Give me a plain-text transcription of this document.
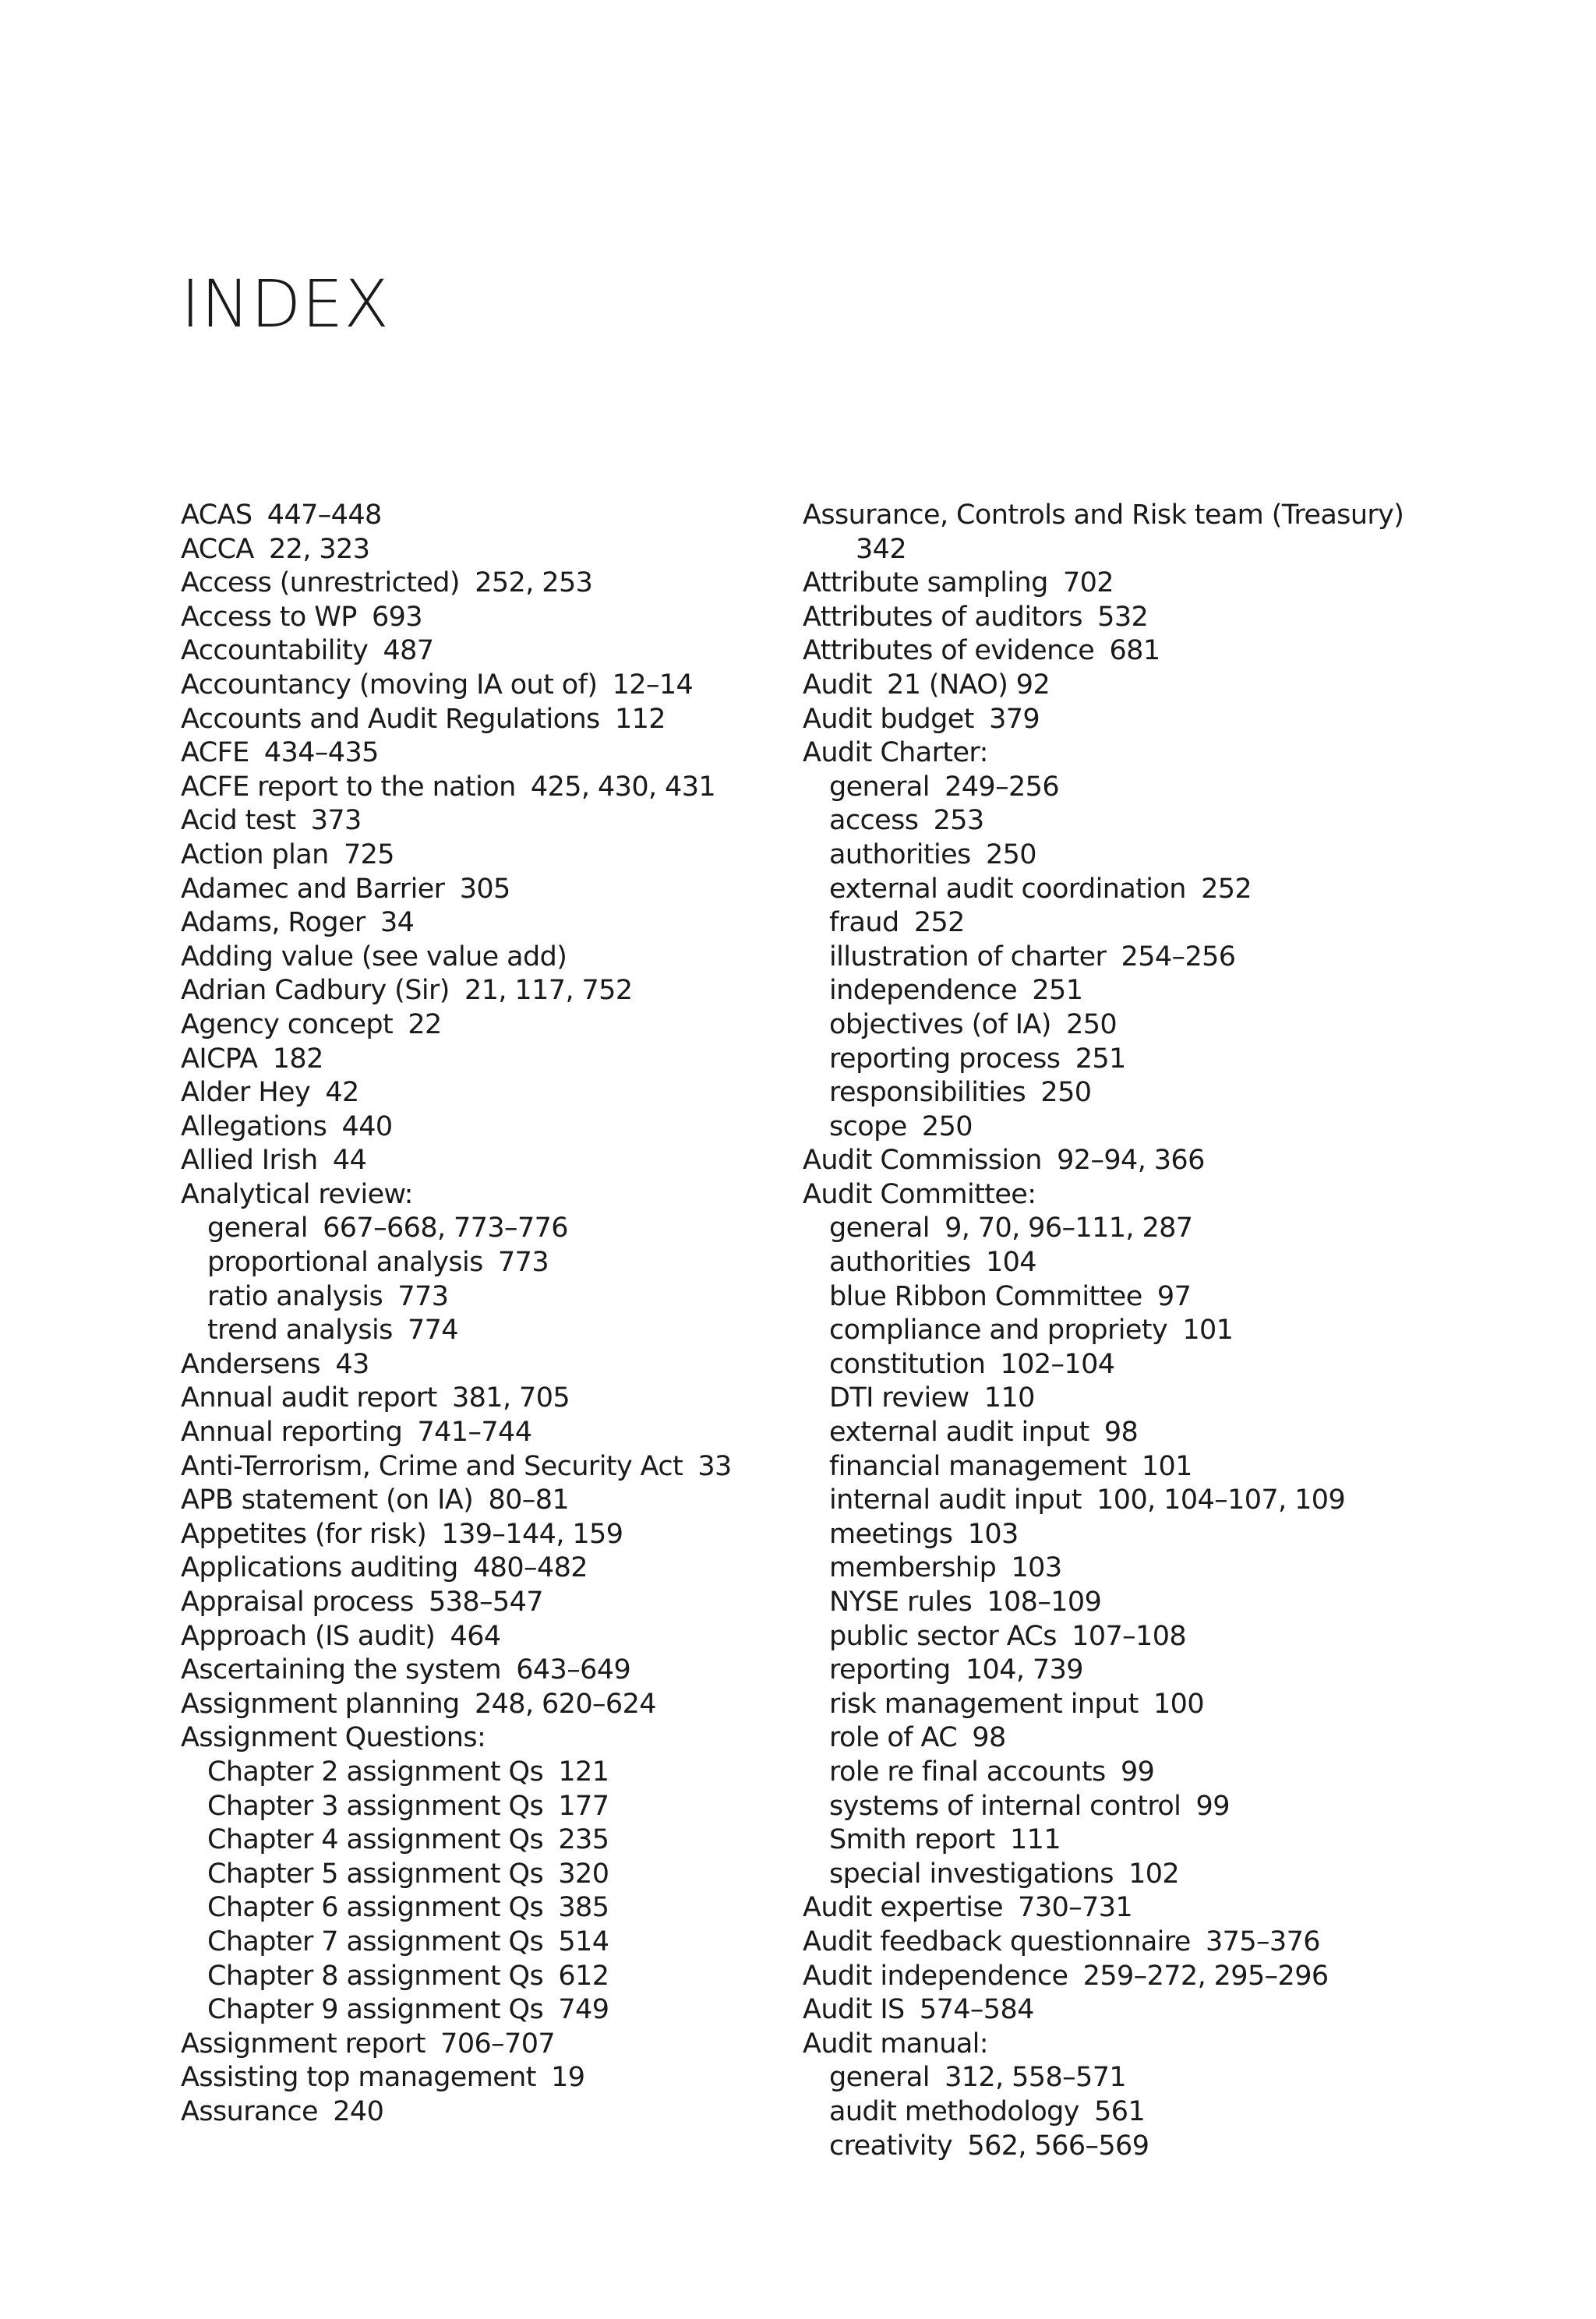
INDEX
ACAS 447–448
ACCA 22, 323
Access (unrestricted) 252, 253
Access to WP 693
Accountability 487
Accountancy (moving IA out of) 12–14
Accounts and Audit Regulations 112
ACFE 434–435
ACFE report to the nation 425, 430, 431
Acid test 373
Action plan 725
Adamec and Barrier 305
Adams, Roger 34
Adding value (see value add)
Adrian Cadbury (Sir) 21, 117, 752
Agency concept 22
AICPA 182
Alder Hey 42
Allegations 440
Allied Irish 44
Analytical review:
general 667–668, 773–776
proportional analysis 773
ratio analysis 773
trend analysis 774
Andersens 43
Annual audit report 381, 705
Annual reporting 741–744
Anti-Terrorism, Crime and Security Act 33
APB statement (on IA) 80–81
Appetites (for risk) 139–144, 159
Applications auditing 480–482
Appraisal process 538–547
Approach (IS audit) 464
Ascertaining the system 643–649
Assignment planning 248, 620–624
Assignment Questions:
Chapter 2 assignment Qs 121
Chapter 3 assignment Qs 177
Chapter 4 assignment Qs 235
Chapter 5 assignment Qs 320
Chapter 6 assignment Qs 385
Chapter 7 assignment Qs 514
Chapter 8 assignment Qs 612
Chapter 9 assignment Qs 749
Assignment report 706–707
Assisting top management 19
Assurance 240
Assurance, Controls and Risk team (Treasury)
342
Attribute sampling 702
Attributes of auditors 532
Attributes of evidence 681
Audit 21 (NAO) 92
Audit budget 379
Audit Charter:
general 249–256
access 253
authorities 250
external audit coordination 252
fraud 252
illustration of charter 254–256
independence 251
objectives (of IA) 250
reporting process 251
responsibilities 250
scope 250
Audit Commission 92–94, 366
Audit Committee:
general 9, 70, 96–111, 287
authorities 104
blue Ribbon Committee 97
compliance and propriety 101
constitution 102–104
DTI review 110
external audit input 98
financial management 101
internal audit input 100, 104–107, 109
meetings 103
membership 103
NYSE rules 108–109
public sector ACs 107–108
reporting 104, 739
risk management input 100
role of AC 98
role re final accounts 99
systems of internal control 99
Smith report 111
special investigations 102
Audit expertise 730–731
Audit feedback questionnaire 375–376
Audit independence 259–272, 295–296
Audit IS 574–584
Audit manual:
general 312, 558–571
audit methodology 561
creativity 562, 566–569
